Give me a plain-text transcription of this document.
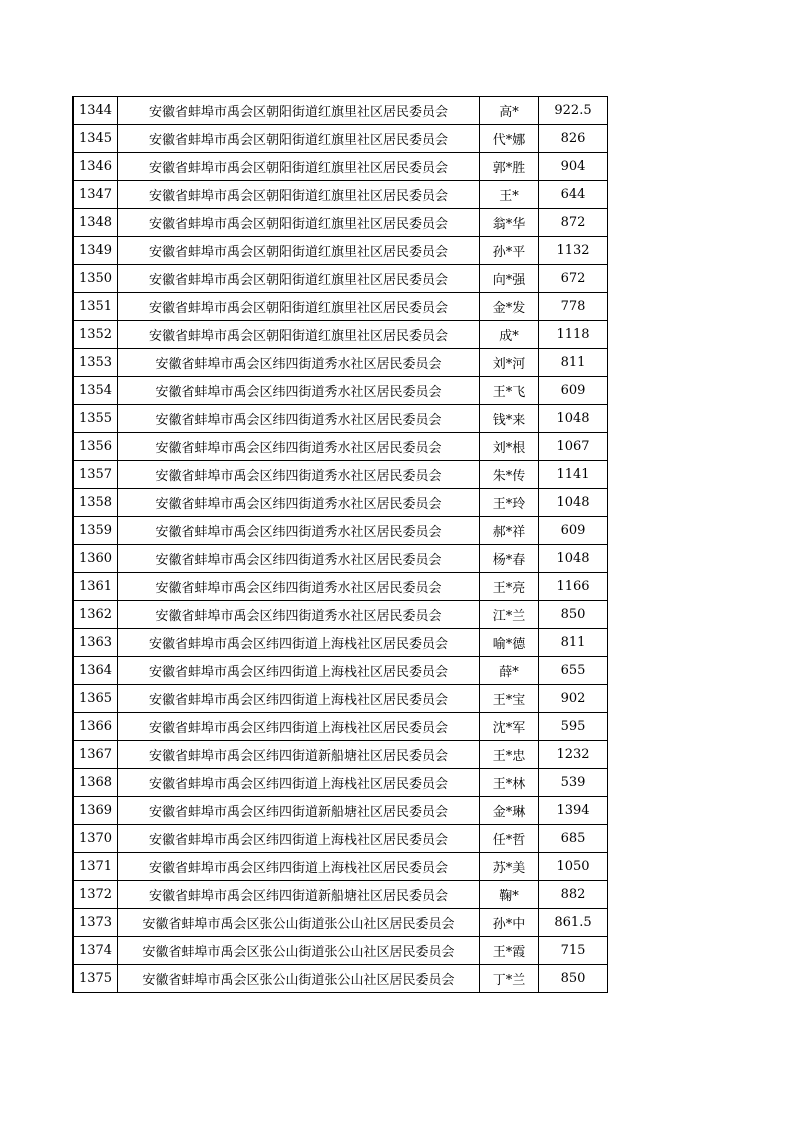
1344	安徽省蚌埠市禹会区朝阳街道红旗里社区居民委员会	高*	922.5
1345	安徽省蚌埠市禹会区朝阳街道红旗里社区居民委员会	代*娜	826
1346	安徽省蚌埠市禹会区朝阳街道红旗里社区居民委员会	郭*胜	904
1347	安徽省蚌埠市禹会区朝阳街道红旗里社区居民委员会	王*	644
1348	安徽省蚌埠市禹会区朝阳街道红旗里社区居民委员会	翁*华	872
1349	安徽省蚌埠市禹会区朝阳街道红旗里社区居民委员会	孙*平	1132
1350	安徽省蚌埠市禹会区朝阳街道红旗里社区居民委员会	向*强	672
1351	安徽省蚌埠市禹会区朝阳街道红旗里社区居民委员会	金*发	778
1352	安徽省蚌埠市禹会区朝阳街道红旗里社区居民委员会	成*	1118
1353	安徽省蚌埠市禹会区纬四街道秀水社区居民委员会	刘*河	811
1354	安徽省蚌埠市禹会区纬四街道秀水社区居民委员会	王*飞	609
1355	安徽省蚌埠市禹会区纬四街道秀水社区居民委员会	钱*来	1048
1356	安徽省蚌埠市禹会区纬四街道秀水社区居民委员会	刘*根	1067
1357	安徽省蚌埠市禹会区纬四街道秀水社区居民委员会	朱*传	1141
1358	安徽省蚌埠市禹会区纬四街道秀水社区居民委员会	王*玲	1048
1359	安徽省蚌埠市禹会区纬四街道秀水社区居民委员会	郝*祥	609
1360	安徽省蚌埠市禹会区纬四街道秀水社区居民委员会	杨*春	1048
1361	安徽省蚌埠市禹会区纬四街道秀水社区居民委员会	王*亮	1166
1362	安徽省蚌埠市禹会区纬四街道秀水社区居民委员会	江*兰	850
1363	安徽省蚌埠市禹会区纬四街道上海栈社区居民委员会	喻*德	811
1364	安徽省蚌埠市禹会区纬四街道上海栈社区居民委员会	薛*	655
1365	安徽省蚌埠市禹会区纬四街道上海栈社区居民委员会	王*宝	902
1366	安徽省蚌埠市禹会区纬四街道上海栈社区居民委员会	沈*军	595
1367	安徽省蚌埠市禹会区纬四街道新船塘社区居民委员会	王*忠	1232
1368	安徽省蚌埠市禹会区纬四街道上海栈社区居民委员会	王*林	539
1369	安徽省蚌埠市禹会区纬四街道新船塘社区居民委员会	金*琳	1394
1370	安徽省蚌埠市禹会区纬四街道上海栈社区居民委员会	任*哲	685
1371	安徽省蚌埠市禹会区纬四街道上海栈社区居民委员会	苏*美	1050
1372	安徽省蚌埠市禹会区纬四街道新船塘社区居民委员会	鞠*	882
1373	安徽省蚌埠市禹会区张公山街道张公山社区居民委员会	孙*中	861.5
1374	安徽省蚌埠市禹会区张公山街道张公山社区居民委员会	王*霞	715
1375	安徽省蚌埠市禹会区张公山街道张公山社区居民委员会	丁*兰	850
